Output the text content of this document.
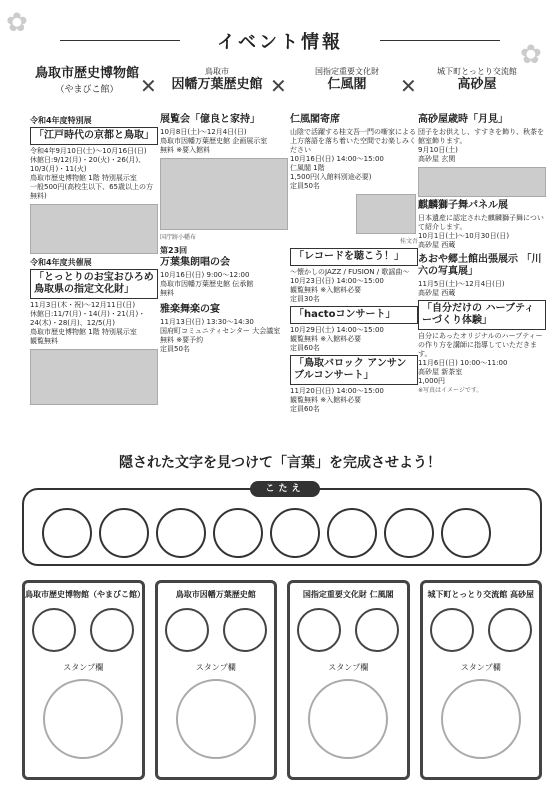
✿
✿
イベント情報
鳥取市歴史博物館
（やまびこ館）
鳥取市
因幡万葉歴史館
国指定重要文化財
仁風閣
城下町とっとり交流館
高砂屋
✕	✕	✕
令和4年度特別展
「江戸時代の京都と鳥取」
令和4年9月10日(土)～10月16日(日)
休館日:9/12(月)・20(火)・26(月)、10/3(月)・11(火)
鳥取市歴史博物館 1階 特別展示室
一般500円(高校生以下、65歳以上の方 無料)
令和4年度共催展
「とっとりのお宝おひろめ 鳥取県の指定文化財」
11月3日(木・祝)～12月11日(日)
休館日:11/7(月)・14(月)・21(月)・24(木)・28(月)、12/5(月)
鳥取市歴史博物館 1階 特別展示室
観覧無料
展覧会「億良と家持」
10月8日(土)～12月4日(日)
鳥取市因幡万葉歴史館 企画展示室
無料 ※要入館料
国庁跡小幡布
第23回
万葉集朗唱の会
10月16日(日) 9:00～12:00
鳥取市因幡万葉歴史館 伝承館
無料
雅楽舞楽の宴
11月13日(日) 13:30～14:30
国府町コミュニティセンター 大会議室
無料 ※要予約
定員50名
仁風閣寄席
山陰で活躍する桂文吾一門の噺家による上方落語を落ち着いた空間でお楽しみください
10月16日(日) 14:00～15:00
仁風閣 1階
1,500円(入館料別途必要)
定員50名
桂文吾
「レコードを聴こう！」
～懐かしのJAZZ / FUSION / 歌謡曲～
10月23日(日) 14:00～15:00
観覧無料 ※入館料必要
定員30名
「hactoコンサート」
10月29日(土) 14:00～15:00
観覧無料 ※入館料必要
定員60名
「鳥取バロック アンサンブルコンサート」
11月20日(日) 14:00～15:00
観覧無料 ※入館料必要
定員60名
高砂屋歳時「月見」
団子をお供えし、すすきを飾り、秋茶を館室飾ります。
9月10日(土)
高砂屋 玄関
麒麟獅子舞パネル展
日本遺産に認定された麒麟獅子舞について紹介します。
10月1日(土)～10月30日(日)
高砂屋 西蔵
あおや郷土館出張展示 「川六の写真展」
11月5日(土)～12月4日(日)
高砂屋 西蔵
「自分だけの ハーブティーづくり体験」
自分にあったオリジナルのハーブティーの作り方を講師に指導していただきます。
11月6日(日) 10:00～11:00
高砂屋 新茶室
1,000円
※写真はイメージです。
隠された文字を見つけて「言葉」を完成させよう！
こたえ
鳥取市歴史博物館（やまびこ館）
スタンプ欄
鳥取市因幡万葉歴史館
スタンプ欄
国指定重要文化財 仁風閣
スタンプ欄
城下町とっとり交流館 高砂屋
スタンプ欄
